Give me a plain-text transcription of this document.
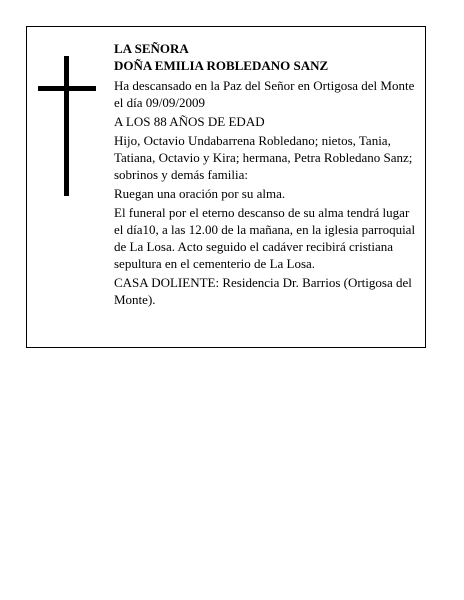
LA SEÑORA

DOÑA EMILIA ROBLEDANO SANZ

Ha descansado en la Paz del Señor en Ortigosa del Monte el día 09/09/2009

A LOS 88 AÑOS DE EDAD

Hijo, Octavio Undabarrena Robledano; nietos, Tania, Tatiana, Octavio y Kira; hermana, Petra Robledano Sanz; sobrinos y demás familia:

Ruegan una oración por su alma.

El funeral por el eterno descanso de su alma tendrá lugar el día10, a las 12.00 de la mañana, en la iglesia parroquial de La Losa. Acto seguido el cadáver recibirá cristiana sepultura en el cementerio de La Losa.

CASA DOLIENTE: Residencia Dr. Barrios (Ortigosa del Monte).
